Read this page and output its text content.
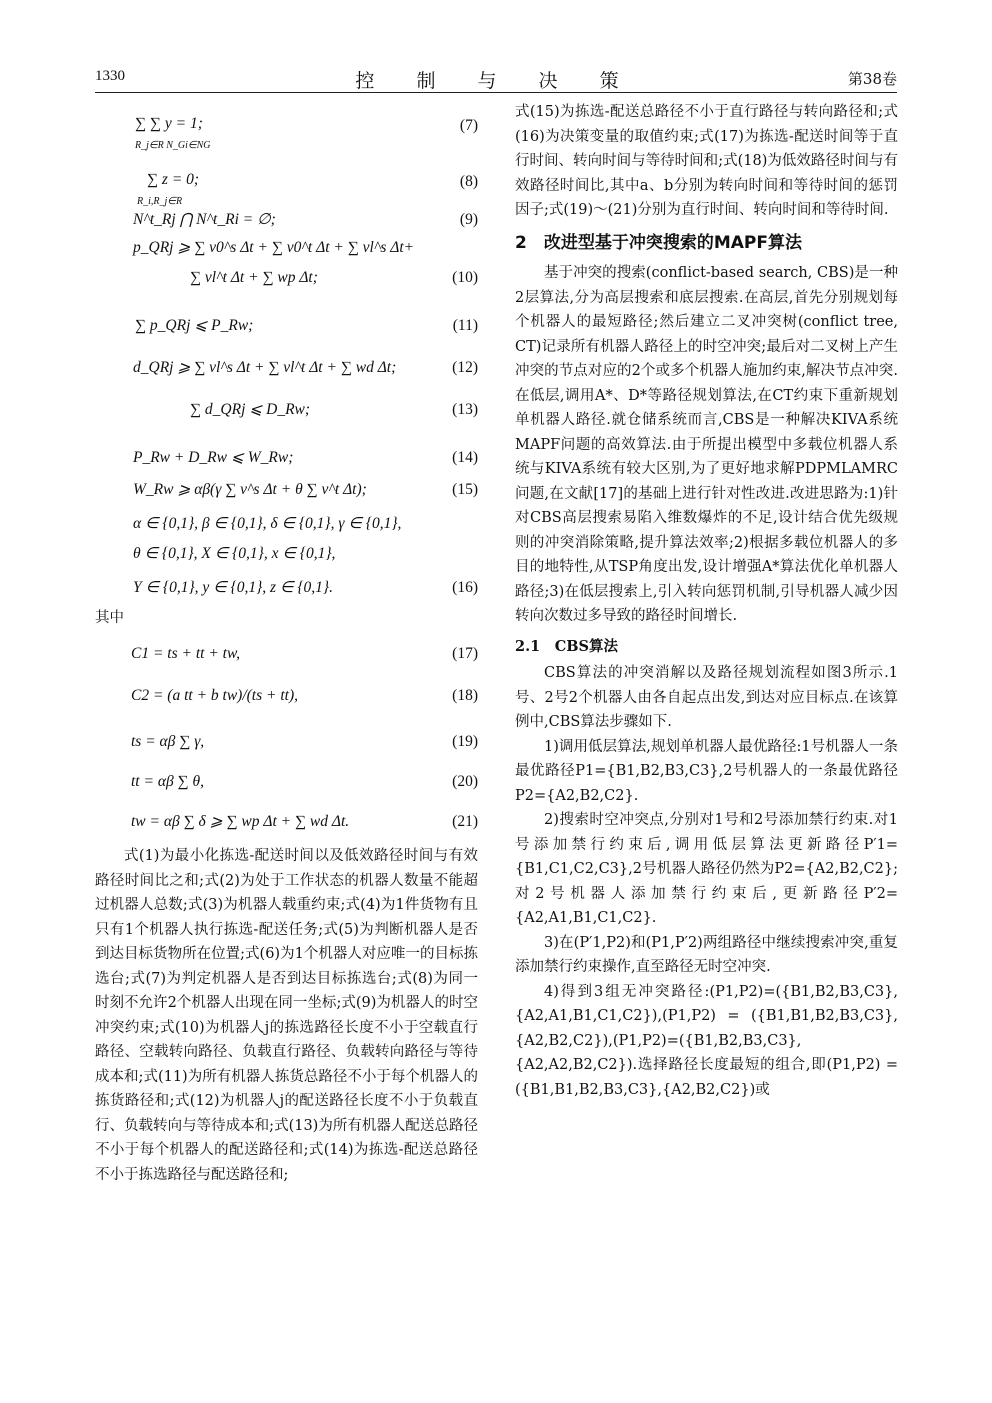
1330	控 制 与 决 策	第38卷
∑ ∑ y = 1;
R_j∈R N_Gi∈NG
(7)
∑ z = 0;
R_i,R_j∈R
(8)
N^t_Rj ⋂ N^t_Ri = ∅;	(9)
p_QRj ⩾ ∑ v0^s Δt + ∑ v0^t Δt + ∑ vl^s Δt+
∑ vl^t Δt + ∑ wp Δt;	(10)
∑ p_QRj ⩽ P_Rw;	(11)
d_QRj ⩾ ∑ vl^s Δt + ∑ vl^t Δt + ∑ wd Δt;	(12)
∑ d_QRj ⩽ D_Rw;	(13)
P_Rw + D_Rw ⩽ W_Rw;	(14)
W_Rw ⩾ αβ(γ ∑ v^s Δt + θ ∑ v^t Δt);	(15)
α ∈ {0,1}, β ∈ {0,1}, δ ∈ {0,1}, γ ∈ {0,1},
θ ∈ {0,1}, X ∈ {0,1}, x ∈ {0,1},
Y ∈ {0,1}, y ∈ {0,1}, z ∈ {0,1}.	(16)
其中
C1 = ts + tt + tw,	(17)
C2 = (a tt + b tw)/(ts + tt),	(18)
ts = αβ ∑ γ,	(19)
tt = αβ ∑ θ,	(20)
tw = αβ ∑ δ ⩾ ∑ wp Δt + ∑ wd Δt.	(21)

式(1)为最小化拣选-配送时间以及低效路径时间与有效路径时间比之和;式(2)为处于工作状态的机器人数量不能超过机器人总数;式(3)为机器人载重约束;式(4)为1件货物有且只有1个机器人执行拣选-配送任务;式(5)为判断机器人是否到达目标货物所在位置;式(6)为1个机器人对应唯一的目标拣选台;式(7)为判定机器人是否到达目标拣选台;式(8)为同一时刻不允许2个机器人出现在同一坐标;式(9)为机器人的时空冲突约束;式(10)为机器人j的拣选路径长度不小于空载直行路径、空载转向路径、负载直行路径、负载转向路径与等待成本和;式(11)为所有机器人拣货总路径不小于每个机器人的拣货路径和;式(12)为机器人j的配送路径长度不小于负载直行、负载转向与等待成本和;式(13)为所有机器人配送总路径不小于每个机器人的配送路径和;式(14)为拣选-配送总路径不小于拣选路径与配送路径和;

式(15)为拣选-配送总路径不小于直行路径与转向路径和;式(16)为决策变量的取值约束;式(17)为拣选-配送时间等于直行时间、转向时间与等待时间和;式(18)为低效路径时间与有效路径时间比,其中a、b分别为转向时间和等待时间的惩罚因子;式(19)～(21)分别为直行时间、转向时间和等待时间.

2　改进型基于冲突搜索的MAPF算法

基于冲突的搜索(conflict-based search, CBS)是一种2层算法,分为高层搜索和底层搜索.在高层,首先分别规划每个机器人的最短路径;然后建立二叉冲突树(conflict tree, CT)记录所有机器人路径上的时空冲突;最后对二叉树上产生冲突的节点对应的2个或多个机器人施加约束,解决节点冲突.在低层,调用A*、D*等路径规划算法,在CT约束下重新规划单机器人路径.就仓储系统而言,CBS是一种解决KIVA系统MAPF问题的高效算法.由于所提出模型中多载位机器人系统与KIVA系统有较大区别,为了更好地求解PDPMLAMRC问题,在文献[17]的基础上进行针对性改进.改进思路为:1)针对CBS高层搜索易陷入维数爆炸的不足,设计结合优先级规则的冲突消除策略,提升算法效率;2)根据多载位机器人的多目的地特性,从TSP角度出发,设计增强A*算法优化单机器人路径;3)在低层搜索上,引入转向惩罚机制,引导机器人减少因转向次数过多导致的路径时间增长.

2.1　CBS算法

CBS算法的冲突消解以及路径规划流程如图3所示.1号、2号2个机器人由各自起点出发,到达对应目标点.在该算例中,CBS算法步骤如下.

1)调用低层算法,规划单机器人最优路径:1号机器人一条最优路径P1={B1,B2,B3,C3},2号机器人的一条最优路径P2={A2,B2,C2}.

2)搜索时空冲突点,分别对1号和2号添加禁行约束.对1号添加禁行约束后,调用低层算法更新路径P′1={B1,C1,C2,C3},2号机器人路径仍然为P2={A2,B2,C2};对2号机器人添加禁行约束后,更新路径P′2={A2,A1,B1,C1,C2}.

3)在(P′1,P2)和(P1,P′2)两组路径中继续搜索冲突,重复添加禁行约束操作,直至路径无时空冲突.

4)得到3组无冲突路径:(P1,P2)=({B1,B2,B3,C3},{A2,A1,B1,C1,C2}),(P1,P2) = ({B1,B1,B2,B3,C3},{A2,B2,C2}),(P1,P2)=({B1,B2,B3,C3},{A2,A2,B2,C2}).选择路径长度最短的组合,即(P1,P2) = ({B1,B1,B2,B3,C3},{A2,B2,C2})或
